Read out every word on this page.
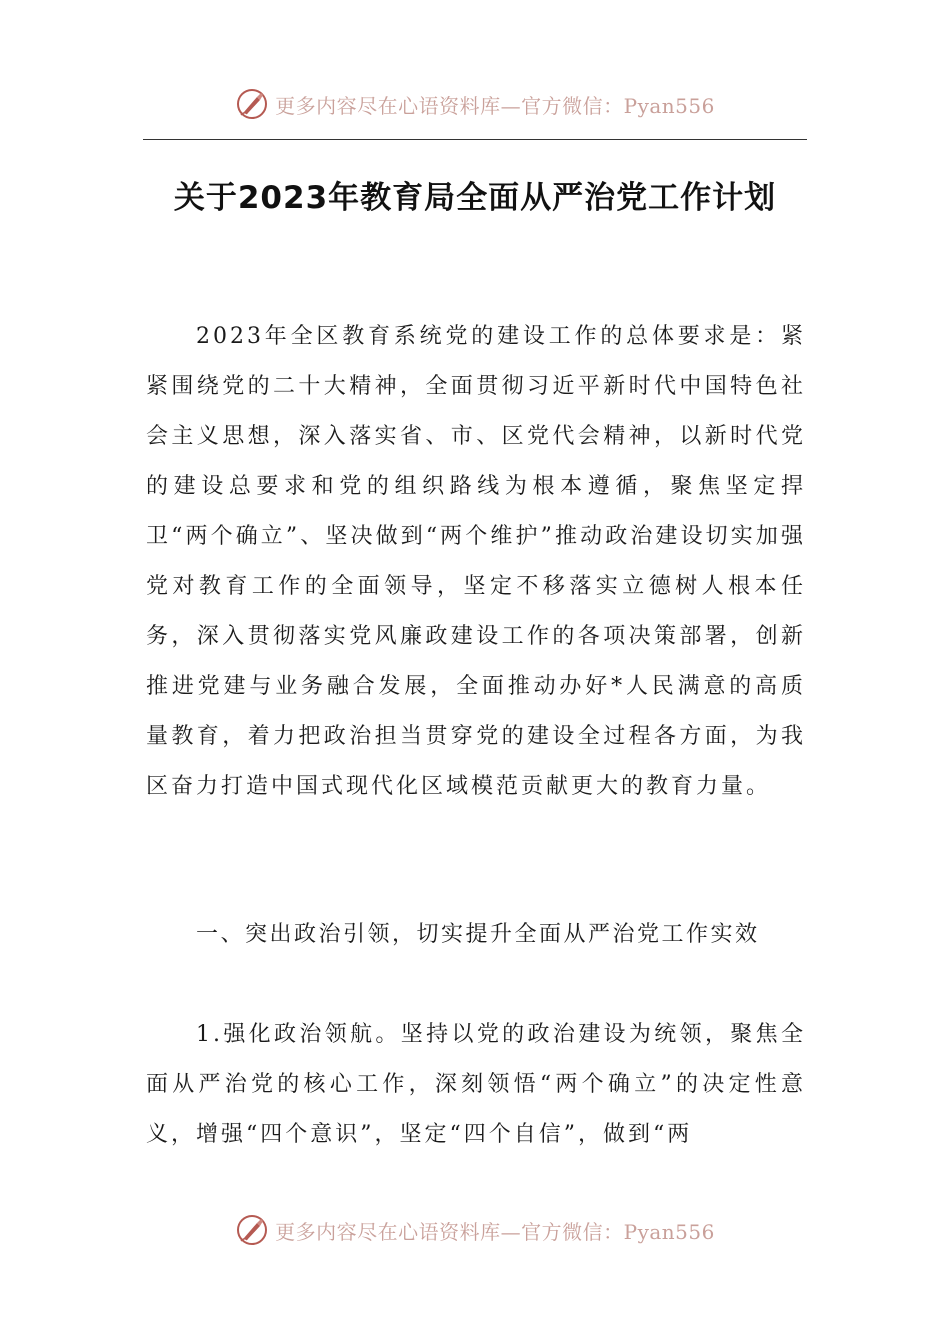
更多内容尽在心语资料库—官方微信：Pyan556
关于2023年教育局全面从严治党工作计划

2023年全区教育系统党的建设工作的总体要求是：紧紧围绕党的二十大精神，全面贯彻习近平新时代中国特色社会主义思想，深入落实省、市、区党代会精神，以新时代党的建设总要求和党的组织路线为根本遵循，聚焦坚定捍卫“两个确立”、坚决做到“两个维护”推动政治建设切实加强党对教育工作的全面领导，坚定不移落实立德树人根本任务，深入贯彻落实党风廉政建设工作的各项决策部署，创新推进党建与业务融合发展，全面推动办好*人民满意的高质量教育，着力把政治担当贯穿党的建设全过程各方面，为我区奋力打造中国式现代化区域模范贡献更大的教育力量。

一、突出政治引领，切实提升全面从严治党工作实效

1.强化政治领航。坚持以党的政治建设为统领，聚焦全面从严治党的核心工作，深刻领悟“两个确立”的决定性意义，增强“四个意识”，坚定“四个自信”，做到“两

更多内容尽在心语资料库—官方微信：Pyan556
